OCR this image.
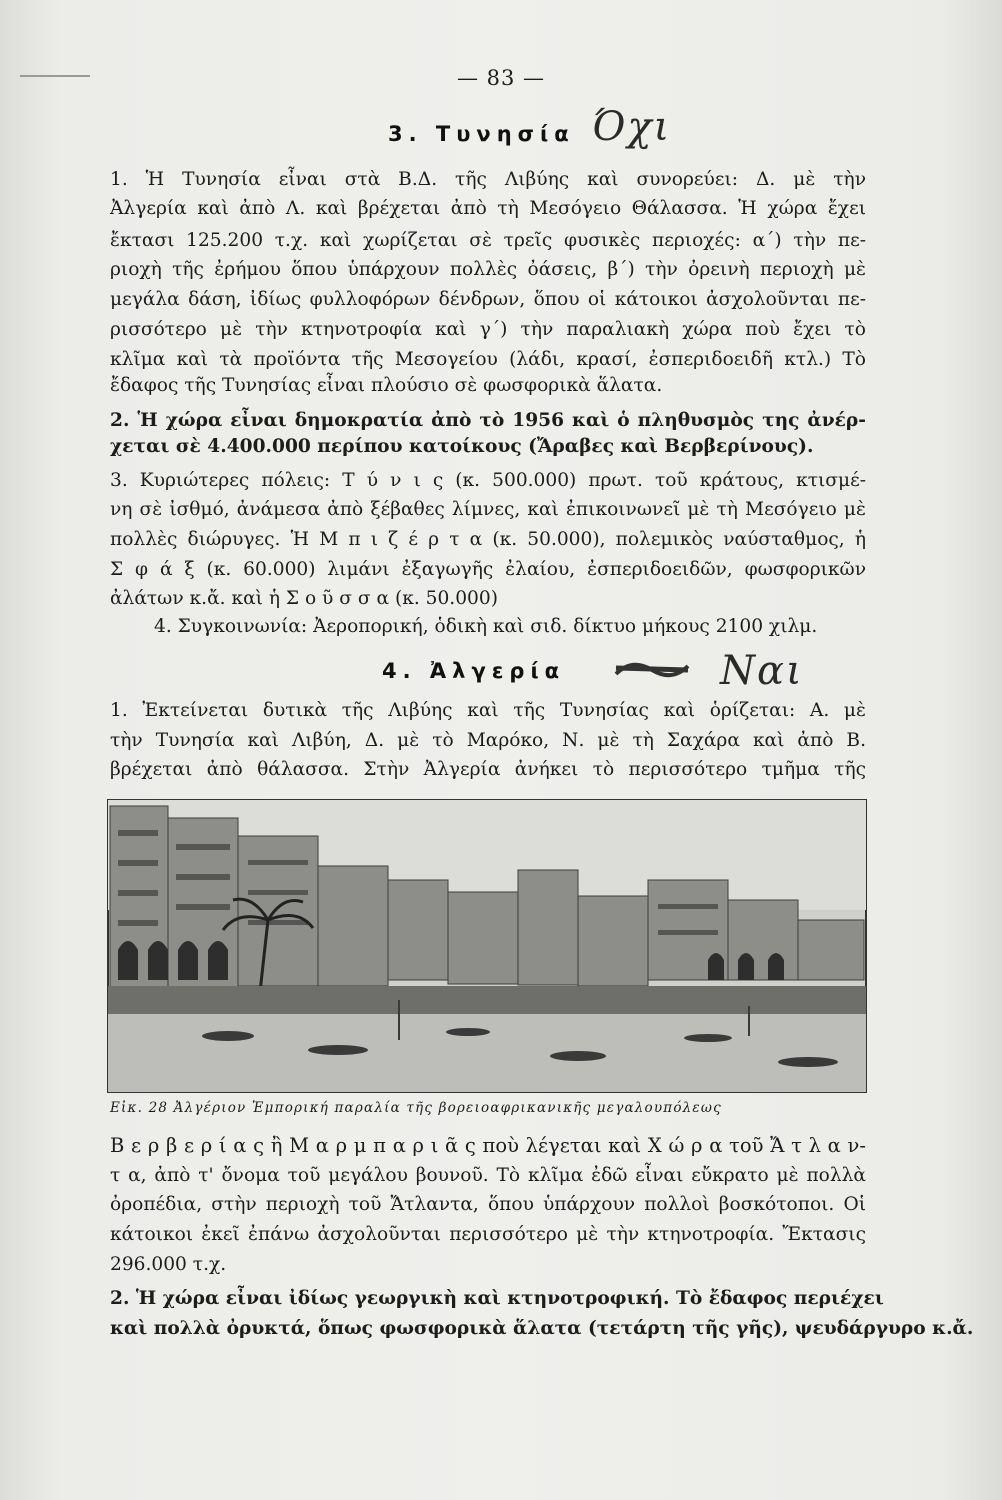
— 83 —
3. Τυνησία Όχι
1. Ἡ Τυνησία εἶναι στὰ Β.Δ. τῆς Λιβύης καὶ συνορεύει: Δ. μὲ τὴν
Ἀλγερία καὶ ἀπὸ Λ. καὶ βρέχεται ἀπὸ τὴ Μεσόγειο Θάλασσα. Ἡ χώρα ἔχει
ἔκτασι 125.200 τ.χ. καὶ χωρίζεται σὲ τρεῖς φυσικὲς περιοχές: α΄) τὴν πε-
ριοχὴ τῆς ἐρήμου ὅπου ὑπάρχουν πολλὲς ὀάσεις, β΄) τὴν ὀρεινὴ περιοχὴ μὲ
μεγάλα δάση, ἰδίως φυλλοφόρων δένδρων, ὅπου οἱ κάτοικοι ἀσχολοῦνται πε-
ρισσότερο μὲ τὴν κτηνοτροφία καὶ γ΄) τὴν παραλιακὴ χώρα ποὺ ἔχει τὸ
κλῖμα καὶ τὰ προϊόντα τῆς Μεσογείου (λάδι, κρασί, ἐσπεριδοειδῆ κτλ.) Τὸ
ἔδαφος τῆς Τυνησίας εἶναι πλούσιο σὲ φωσφορικὰ ἅλατα.
2. Ἡ χώρα εἶναι δημοκρατία ἀπὸ τὸ 1956 καὶ ὁ πληθυσμὸς της ἀνέρ-
χεται σὲ 4.400.000 περίπου κατοίκους (Ἄραβες καὶ Βερβερίνους).
3. Κυριώτερες πόλεις: Τ ύ ν ι ς (κ. 500.000) πρωτ. τοῦ κράτους, κτισμέ-
νη σὲ ἰσθμό, ἀνάμεσα ἀπὸ ξέβαθες λίμνες, καὶ ἐπικοινωνεῖ μὲ τὴ Μεσόγειο μὲ
πολλὲς διώρυγες. Ἡ Μ π ι ζ έ ρ τ α (κ. 50.000), πολεμικὸς ναύσταθμος, ἡ
Σ φ ά ξ (κ. 60.000) λιμάνι ἐξαγωγῆς ἐλαίου, ἐσπεριδοειδῶν, φωσφορικῶν
ἀλάτων κ.ἄ. καὶ ἡ Σ ο ῦ σ σ α (κ. 50.000)
4. Συγκοινωνία: Ἀεροπορική, ὁδικὴ καὶ σιδ. δίκτυο μήκους 2100 χιλμ.
4. Ἀλγερία	Ναι
1. Ἐκτείνεται δυτικὰ τῆς Λιβύης καὶ τῆς Τυνησίας καὶ ὁρίζεται: Α. μὲ
τὴν Τυνησία καὶ Λιβύη, Δ. μὲ τὸ Μαρόκο, Ν. μὲ τὴ Σαχάρα καὶ ἀπὸ Β.
βρέχεται ἀπὸ θάλασσα. Στὴν Ἀλγερία ἀνήκει τὸ περισσότερο τμῆμα τῆς
Εἰκ. 28 Ἀλγέριον Ἐμπορική παραλία τῆς βορειοαφρικανικῆς μεγαλουπόλεως
Β ε ρ β ε ρ ί α ς ἢ Μ α ρ μ π α ρ ι ᾶ ς ποὺ λέγεται καὶ Χ ώ ρ α τοῦ Ἄ τ λ α ν-
τ α, ἀπὸ τ' ὄνομα τοῦ μεγάλου βουνοῦ. Τὸ κλῖμα ἐδῶ εἶναι εὔκρατο μὲ πολλὰ
ὀροπέδια, στὴν περιοχὴ τοῦ Ἄτλαντα, ὅπου ὑπάρχουν πολλοὶ βοσκότοποι. Οἱ
κάτοικοι ἐκεῖ ἐπάνω ἀσχολοῦνται περισσότερο μὲ τὴν κτηνοτροφία. Ἔκτασις
296.000 τ.χ.
2. Ἡ χώρα εἶναι ἰδίως γεωργικὴ καὶ κτηνοτροφική. Τὸ ἔδαφος περιέχει
καὶ πολλὰ ὀρυκτά, ὅπως φωσφορικὰ ἅλατα (τετάρτη τῆς γῆς), ψευδάργυρο κ.ἄ.
